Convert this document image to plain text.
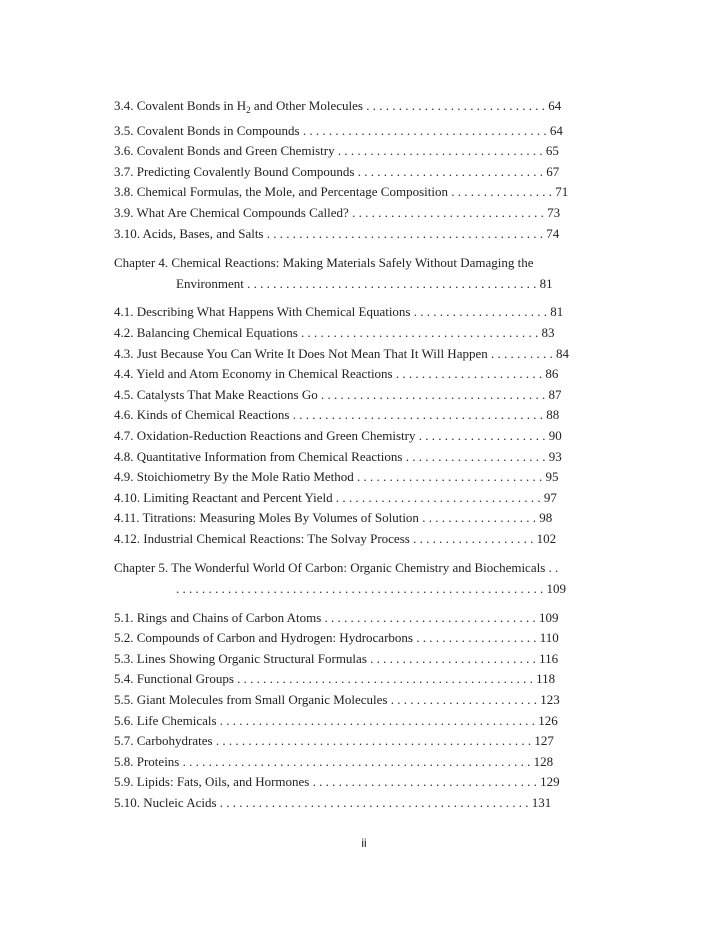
3.4. Covalent Bonds in $H_2$ and Other Molecules . . . . . . . . . . . . . . . . . . . . . . . . . . . . 64
3.5. Covalent Bonds in Compounds . . . . . . . . . . . . . . . . . . . . . . . . . . . . . . . . . . . . . . 64
3.6. Covalent Bonds and Green Chemistry . . . . . . . . . . . . . . . . . . . . . . . . . . . . . . . . 65
3.7. Predicting Covalently Bound Compounds . . . . . . . . . . . . . . . . . . . . . . . . . . . . . 67
3.8. Chemical Formulas, the Mole, and Percentage Composition . . . . . . . . . . . . . . . . 71
3.9. What Are Chemical Compounds Called? . . . . . . . . . . . . . . . . . . . . . . . . . . . . . . 73
3.10. Acids, Bases, and Salts . . . . . . . . . . . . . . . . . . . . . . . . . . . . . . . . . . . . . . . . . . . 74
Chapter 4. Chemical Reactions: Making Materials Safely Without Damaging the
Environment . . . . . . . . . . . . . . . . . . . . . . . . . . . . . . . . . . . . . . . . . . . . . 81
4.1. Describing What Happens With Chemical Equations . . . . . . . . . . . . . . . . . . . . . 81
4.2. Balancing Chemical Equations . . . . . . . . . . . . . . . . . . . . . . . . . . . . . . . . . . . . . 83
4.3. Just Because You Can Write It Does Not Mean That It Will Happen . . . . . . . . . . 84
4.4. Yield and Atom Economy in Chemical Reactions . . . . . . . . . . . . . . . . . . . . . . . 86
4.5. Catalysts That Make Reactions Go . . . . . . . . . . . . . . . . . . . . . . . . . . . . . . . . . . . 87
4.6. Kinds of Chemical Reactions . . . . . . . . . . . . . . . . . . . . . . . . . . . . . . . . . . . . . . . 88
4.7. Oxidation-Reduction Reactions and Green Chemistry . . . . . . . . . . . . . . . . . . . . 90
4.8. Quantitative Information from Chemical Reactions . . . . . . . . . . . . . . . . . . . . . . 93
4.9. Stoichiometry By the Mole Ratio Method . . . . . . . . . . . . . . . . . . . . . . . . . . . . . 95
4.10. Limiting Reactant and Percent Yield . . . . . . . . . . . . . . . . . . . . . . . . . . . . . . . . 97
4.11. Titrations: Measuring Moles By Volumes of Solution . . . . . . . . . . . . . . . . . . 98
4.12. Industrial Chemical Reactions: The Solvay Process . . . . . . . . . . . . . . . . . . . 102
Chapter 5. The Wonderful World Of Carbon: Organic Chemistry and Biochemicals . .
. . . . . . . . . . . . . . . . . . . . . . . . . . . . . . . . . . . . . . . . . . . . . . . . . . . . . . . . . 109
5.1. Rings and Chains of Carbon Atoms . . . . . . . . . . . . . . . . . . . . . . . . . . . . . . . . . 109
5.2. Compounds of Carbon and Hydrogen: Hydrocarbons . . . . . . . . . . . . . . . . . . . 110
5.3. Lines Showing Organic Structural Formulas . . . . . . . . . . . . . . . . . . . . . . . . . . 116
5.4. Functional Groups . . . . . . . . . . . . . . . . . . . . . . . . . . . . . . . . . . . . . . . . . . . . . . 118
5.5. Giant Molecules from Small Organic Molecules . . . . . . . . . . . . . . . . . . . . . . . 123
5.6. Life Chemicals . . . . . . . . . . . . . . . . . . . . . . . . . . . . . . . . . . . . . . . . . . . . . . . . . 126
5.7. Carbohydrates . . . . . . . . . . . . . . . . . . . . . . . . . . . . . . . . . . . . . . . . . . . . . . . . . 127
5.8. Proteins . . . . . . . . . . . . . . . . . . . . . . . . . . . . . . . . . . . . . . . . . . . . . . . . . . . . . . 128
5.9. Lipids: Fats, Oils, and Hormones . . . . . . . . . . . . . . . . . . . . . . . . . . . . . . . . . . . 129
5.10. Nucleic Acids . . . . . . . . . . . . . . . . . . . . . . . . . . . . . . . . . . . . . . . . . . . . . . . . 131
ii
